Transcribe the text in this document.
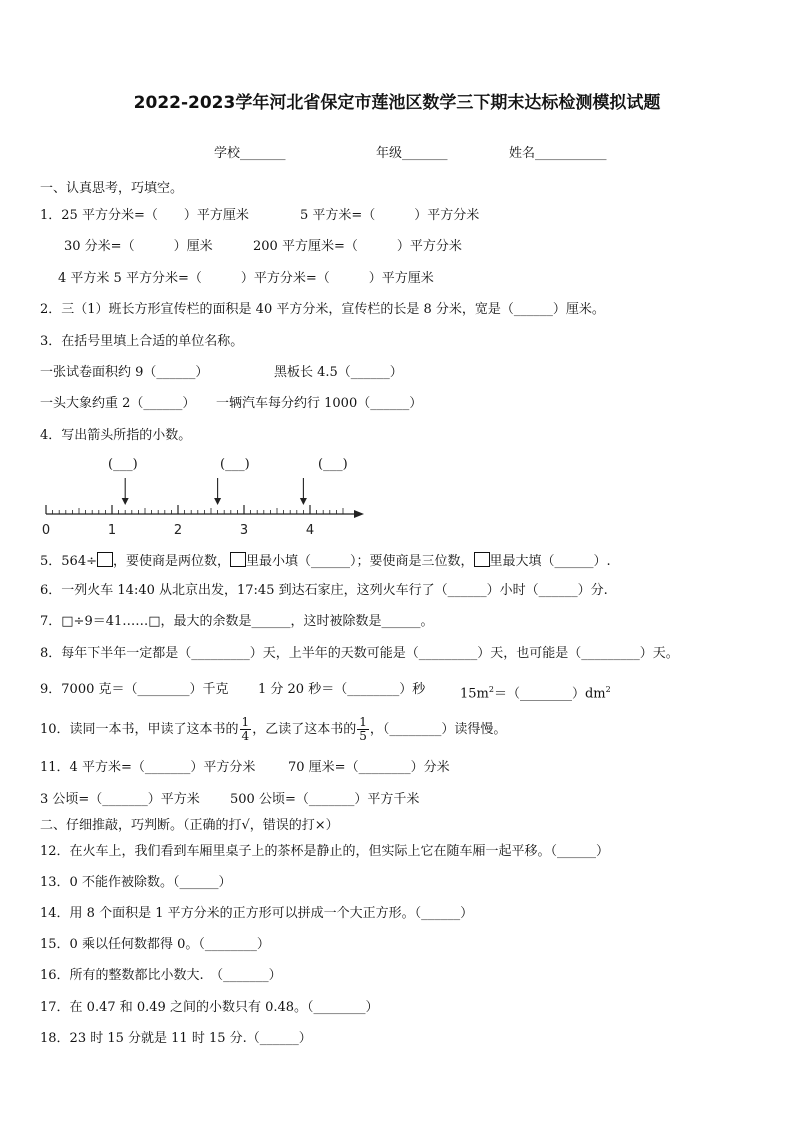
2022-2023学年河北省保定市莲池区数学三下期末达标检测模拟试题
学校_______	年级_______	姓名___________
一、认真思考，巧填空。
1．25 平方分米=（　　）平方厘米	5 平方米=（　　　）平方分米
30 分米=（　　　）厘米	200 平方厘米=（　　　）平方分米
4 平方米 5 平方分米=（　　　）平方分米=（　　　）平方厘米
2．三（1）班长方形宣传栏的面积是 40 平方分米，宣传栏的长是 8 分米，宽是（______）厘米。
3．在括号里填上合适的单位名称。
一张试卷面积约 9（______）	黑板长 4.5（______）
一头大象约重 2（______） 一辆汽车每分约行 1000（______）
4．写出箭头所指的小数。
(___)	(___)	(___)
0	1	2	3	4
5．564÷ ，要使商是两位数， 里最小填（______）；要使商是三位数， 里最大填（______）.
6．一列火车 14:40 从北京出发，17:45 到达石家庄，这列火车行了（______）小时（______）分.
7．□÷9＝41……□，最大的余数是______，这时被除数是______。
8．每年下半年一定都是（_________）天，上半年的天数可能是（_________）天，也可能是（_________）天。
9．7000 克＝（________）千克 1 分 20 秒＝（________）秒	$15m^2=(\_\_\_\_\_\_\_\_)dm^2$
10．读同一本书，甲读了这本书的 $\frac{1}{4}$ ，乙读了这本书的 $\frac{1}{5}$ ，（________）读得慢。
11．4 平方米=（_______）平方分米	70 厘米=（________）分米
3 公顷=（_______）平方米 500 公顷=（_______）平方千米
二、仔细推敲，巧判断。（正确的打√，错误的打×）
12．在火车上，我们看到车厢里桌子上的茶杯是静止的，但实际上它在随车厢一起平移。（______）
13．0 不能作被除数。（______）
14．用 8 个面积是 1 平方分米的正方形可以拼成一个大正方形。（______）
15．0 乘以任何数都得 0。（________）
16．所有的整数都比小数大.　（_______）
17．在 0.47 和 0.49 之间的小数只有 0.48。（________）
18．23 时 15 分就是 11 时 15 分.（______）
